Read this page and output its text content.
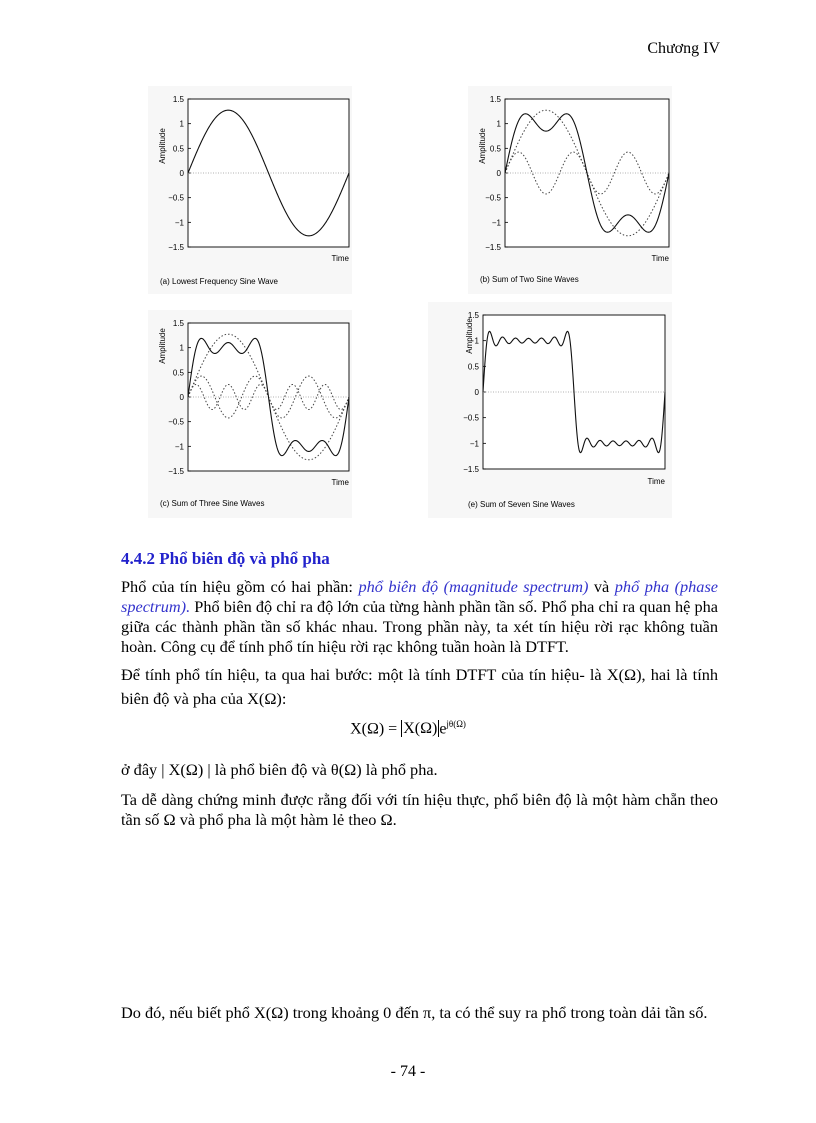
Chương IV
Amplitude
1.5
1
0.5
0
−0.5
−1
−1.5
Time
(a) Lowest Frequency Sine Wave
Amplitude
1.5
1
0.5
0
−0.5
−1
−1.5
Time
(b) Sum of Two Sine Waves
Amplitude
1.5
1
0.5
0
−0.5
−1
−1.5
Time
(c) Sum of Three Sine Waves
Amplitude
1.5
1
0.5
0
−0.5
−1
−1.5
Time
(e) Sum of Seven Sine Waves
4.4.2 Phổ biên độ và phổ pha
Phổ của tín hiệu gồm có hai phần: phổ biên độ (magnitude spectrum) và phổ pha (phase spectrum). Phổ biên độ chỉ ra độ lớn của từng hành phần tần số. Phổ pha chỉ ra quan hệ pha giữa các thành phần tần số khác nhau. Trong phần này, ta xét tín hiệu rời rạc không tuần hoàn. Công cụ để tính phổ tín hiệu rời rạc không tuần hoàn là DTFT.
Để tính phổ tín hiệu, ta qua hai bước: một là tính DTFT của tín hiệu- là X(Ω), hai là tính biên độ và pha của X(Ω):
X(Ω) = X(Ω) $e^{j\theta(\Omega)}$
ở đây | X(Ω) | là phổ biên độ và θ(Ω) là phổ pha.
Ta dễ dàng chứng minh được rằng đối với tín hiệu thực, phổ biên độ là một hàm chẵn theo tần số Ω và phổ pha là một hàm lẻ theo Ω.
Do đó, nếu biết phổ X(Ω) trong khoảng 0 đến π, ta có thể suy ra phổ trong toàn dải tần số.
- 74 -
